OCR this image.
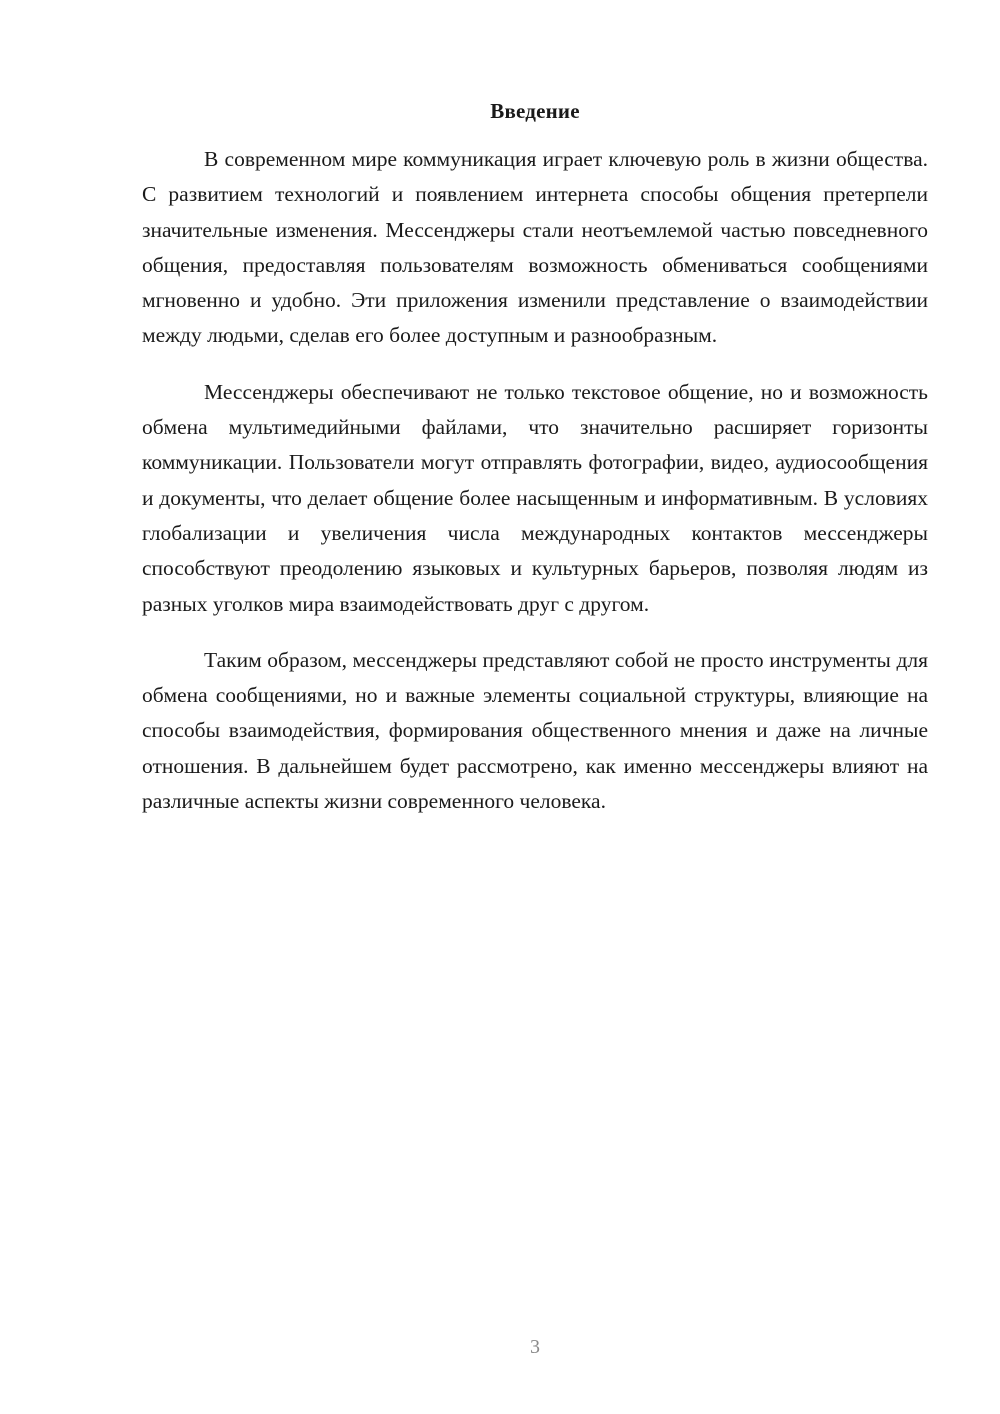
Введение

В современном мире коммуникация играет ключевую роль в жизни общества. С развитием технологий и появлением интернета способы общения претерпели значительные изменения. Мессенджеры стали неотъемлемой частью повседневного общения, предоставляя пользователям возможность обмениваться сообщениями мгновенно и удобно. Эти приложения изменили представление о взаимодействии между людьми, сделав его более доступным и разнообразным.

Мессенджеры обеспечивают не только текстовое общение, но и возможность обмена мультимедийными файлами, что значительно расширяет горизонты коммуникации. Пользователи могут отправлять фотографии, видео, аудиосообщения и документы, что делает общение более насыщенным и информативным. В условиях глобализации и увеличения числа международных контактов мессенджеры способствуют преодолению языковых и культурных барьеров, позволяя людям из разных уголков мира взаимодействовать друг с другом.

Таким образом, мессенджеры представляют собой не просто инструменты для обмена сообщениями, но и важные элементы социальной структуры, влияющие на способы взаимодействия, формирования общественного мнения и даже на личные отношения. В дальнейшем будет рассмотрено, как именно мессенджеры влияют на различные аспекты жизни современного человека.

3
